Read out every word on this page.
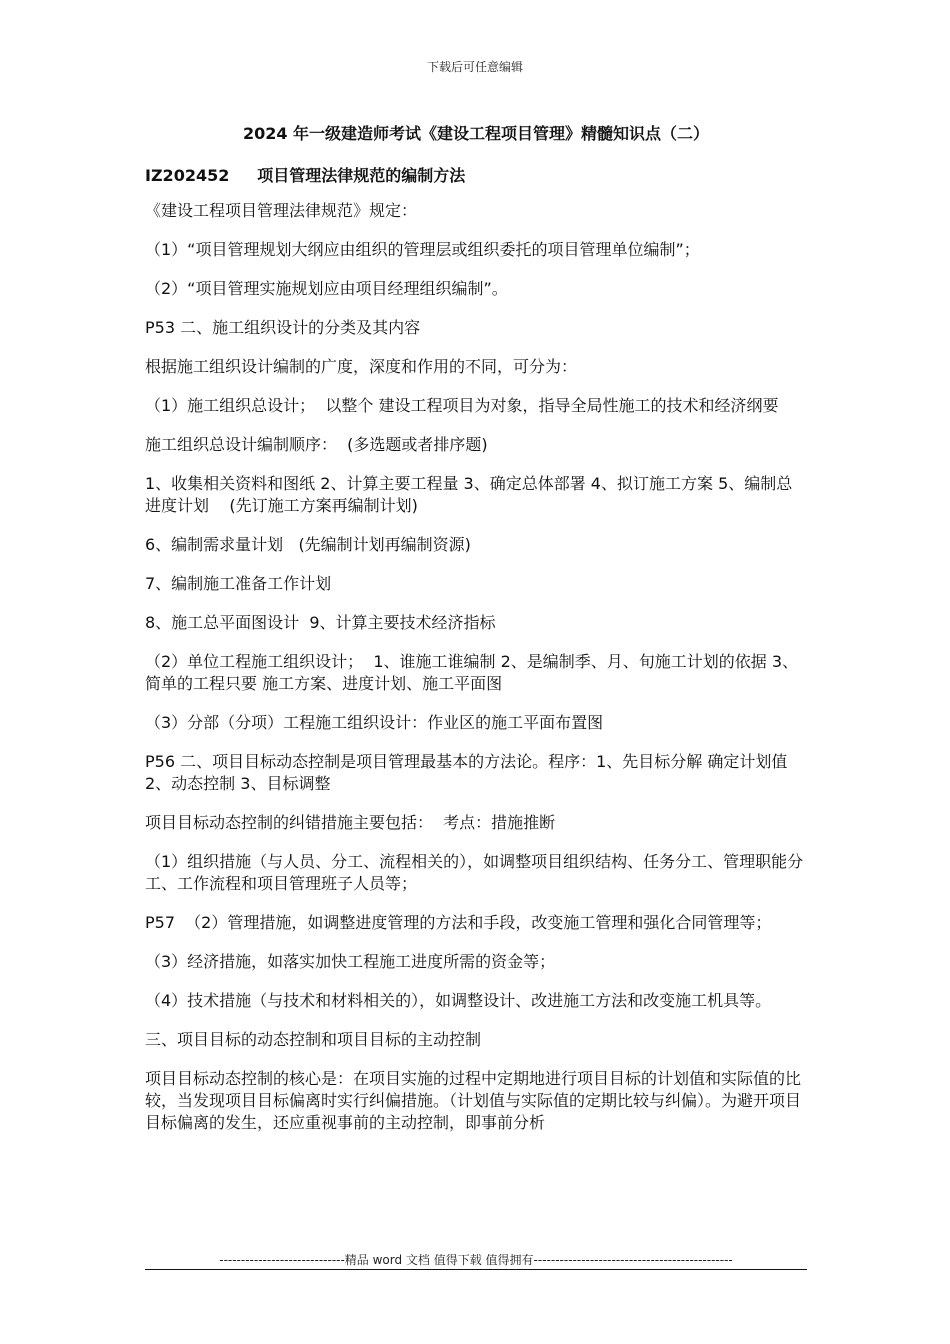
下载后可任意编辑
2024 年一级建造师考试《建设工程项目管理》精髓知识点（二）
IZ202452     项目管理法律规范的编制方法
《建设工程项目管理法律规范》规定：
（1）“项目管理规划大纲应由组织的管理层或组织委托的项目管理单位编制”；
（2）“项目管理实施规划应由项目经理组织编制”。
P53 二、施工组织设计的分类及其内容
根据施工组织设计编制的广度，深度和作用的不同，可分为：
（1）施工组织总设计；  以整个 建设工程项目为对象，指导全局性施工的技术和经济纲要
施工组织总设计编制顺序：  (多选题或者排序题)
1、收集相关资料和图纸 2、计算主要工程量 3、确定总体部署 4、拟订施工方案 5、编制总进度计划    (先订施工方案再编制计划)
6、编制需求量计划   (先编制计划再编制资源)
7、编制施工准备工作计划
8、施工总平面图设计  9、计算主要技术经济指标
（2）单位工程施工组织设计；  1、谁施工谁编制 2、是编制季、月、旬施工计划的依据 3、简单的工程只要 施工方案、进度计划、施工平面图
（3）分部（分项）工程施工组织设计：作业区的施工平面布置图
P56 二、项目目标动态控制是项目管理最基本的方法论。程序：1、先目标分解 确定计划值 2、动态控制 3、目标调整
项目目标动态控制的纠错措施主要包括：  考点：措施推断
（1）组织措施（与人员、分工、流程相关的），如调整项目组织结构、任务分工、管理职能分工、工作流程和项目管理班子人员等；
P57  （2）管理措施，如调整进度管理的方法和手段，改变施工管理和强化合同管理等；
（3）经济措施，如落实加快工程施工进度所需的资金等；
（4）技术措施（与技术和材料相关的），如调整设计、改进施工方法和改变施工机具等。
三、项目目标的动态控制和项目目标的主动控制
项目目标动态控制的核心是：在项目实施的过程中定期地进行项目目标的计划值和实际值的比较，当发现项目目标偏离时实行纠偏措施。（计划值与实际值的定期比较与纠偏）。为避开项目目标偏离的发生，还应重视事前的主动控制，即事前分析
-----------------------------精品 word 文档 值得下载 值得拥有----------------------------------------------
